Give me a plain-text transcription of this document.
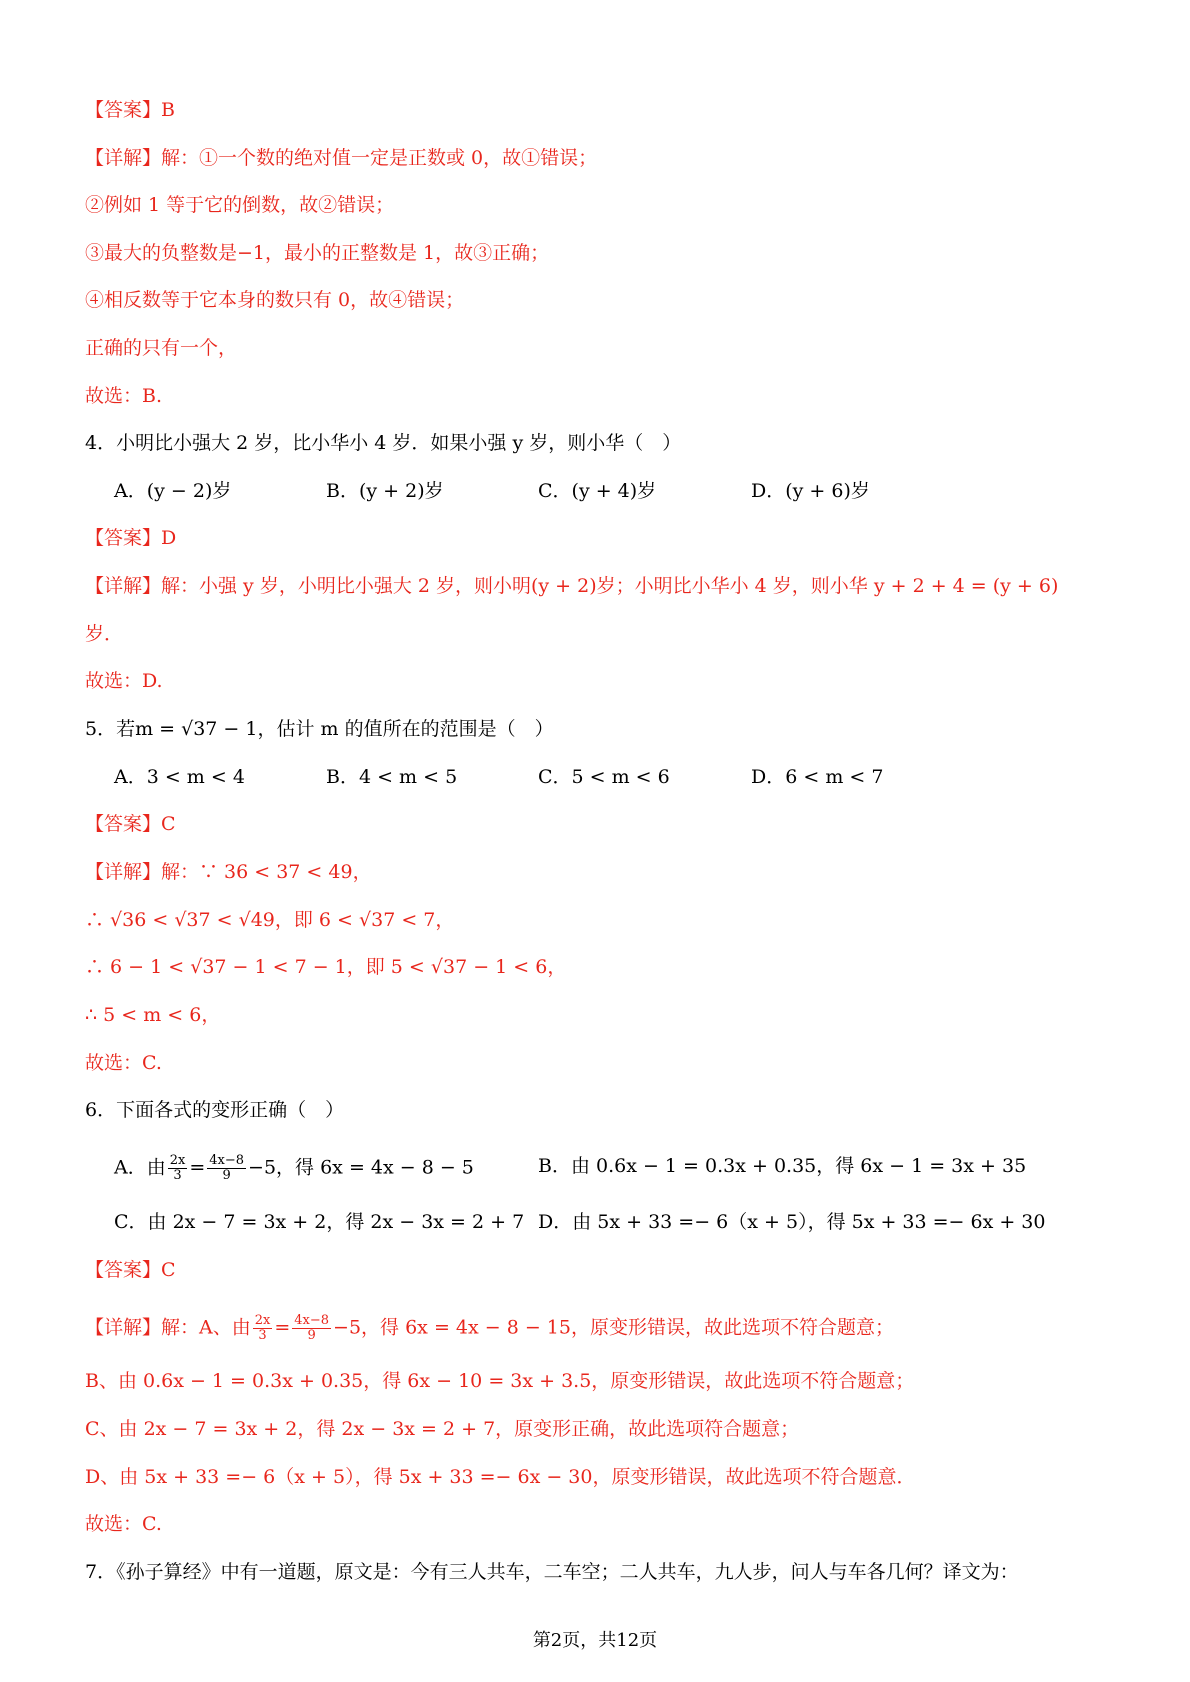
【答案】B
【详解】解：①一个数的绝对值一定是正数或 0，故①错误；
②例如 1 等于它的倒数，故②错误；
③最大的负整数是−1，最小的正整数是 1，故③正确；
④相反数等于它本身的数只有 0，故④错误；
正确的只有一个，
故选：B.
4．小明比小强大 2 岁，比小华小 4 岁．如果小强 y 岁，则小华（　）
A．(y − 2)岁	B．(y + 2)岁	C．(y + 4)岁	D．(y + 6)岁
【答案】D
【详解】解：小强 y 岁，小明比小强大 2 岁，则小明(y + 2)岁；小明比小华小 4 岁，则小华 y + 2 + 4 = (y + 6)
岁．
故选：D.
5．若m = √37 − 1，估计 m 的值所在的范围是（　）
A．3 < m < 4	B．4 < m < 5	C．5 < m < 6	D．6 < m < 7
【答案】C
【详解】解：∵ 36 < 37 < 49，
∴ √36 < √37 < √49，即 6 < √37 < 7，
∴ 6 − 1 < √37 − 1 < 7 − 1，即 5 < √37 − 1 < 6，
∴ 5 < m < 6，
故选：C.
6．下面各式的变形正确（　）
A．由 $\frac{2x}{3} = \frac{4x-8}{9} -5$，得 6x = 4x − 8 − 5	B．由 0.6x − 1 = 0.3x + 0.35，得 6x − 1 = 3x + 35
C．由 2x − 7 = 3x + 2，得 2x − 3x = 2 + 7 D．由 5x + 33 =− 6（x + 5），得 5x + 33 =− 6x + 30
【答案】C
【详解】解：A、由 $\frac{2x}{3} = \frac{4x-8}{9} -5$，得 6x = 4x − 8 − 15，原变形错误，故此选项不符合题意；
B、由 0.6x − 1 = 0.3x + 0.35，得 6x − 10 = 3x + 3.5，原变形错误，故此选项不符合题意；
C、由 2x − 7 = 3x + 2，得 2x − 3x = 2 + 7，原变形正确，故此选项符合题意；
D、由 5x + 33 =− 6（x + 5），得 5x + 33 =− 6x − 30，原变形错误，故此选项不符合题意．
故选：C.
7．《孙子算经》中有一道题，原文是：今有三人共车，二车空；二人共车，九人步，问人与车各几何？译文为：
第2页，共12页
